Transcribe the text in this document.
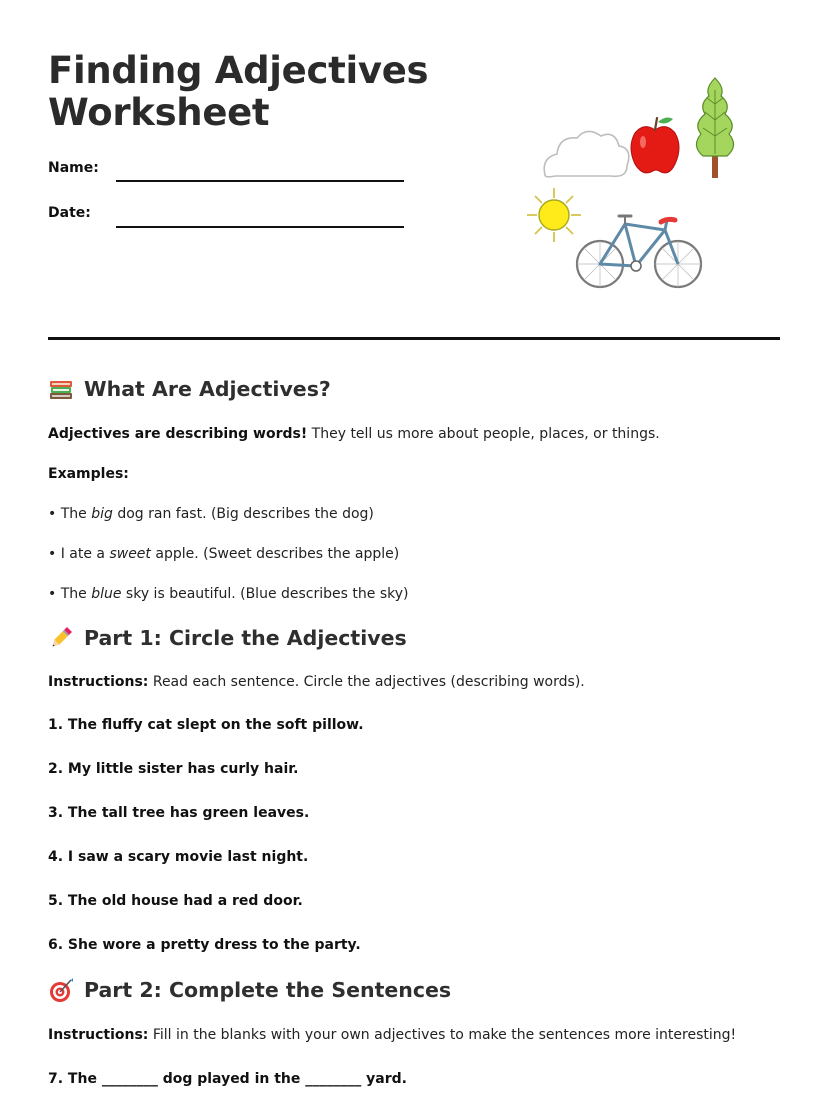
Finding Adjectives
Worksheet
Name:
Date:
What Are Adjectives?
Adjectives are describing words! They tell us more about people, places, or things.
Examples:
• The big dog ran fast. (Big describes the dog)
• I ate a sweet apple. (Sweet describes the apple)
• The blue sky is beautiful. (Blue describes the sky)
Part 1: Circle the Adjectives
Instructions: Read each sentence. Circle the adjectives (describing words).
1. The fluffy cat slept on the soft pillow.
2. My little sister has curly hair.
3. The tall tree has green leaves.
4. I saw a scary movie last night.
5. The old house had a red door.
6. She wore a pretty dress to the party.
Part 2: Complete the Sentences
Instructions: Fill in the blanks with your own adjectives to make the sentences more interesting!
7. The ________ dog played in the ________ yard.
